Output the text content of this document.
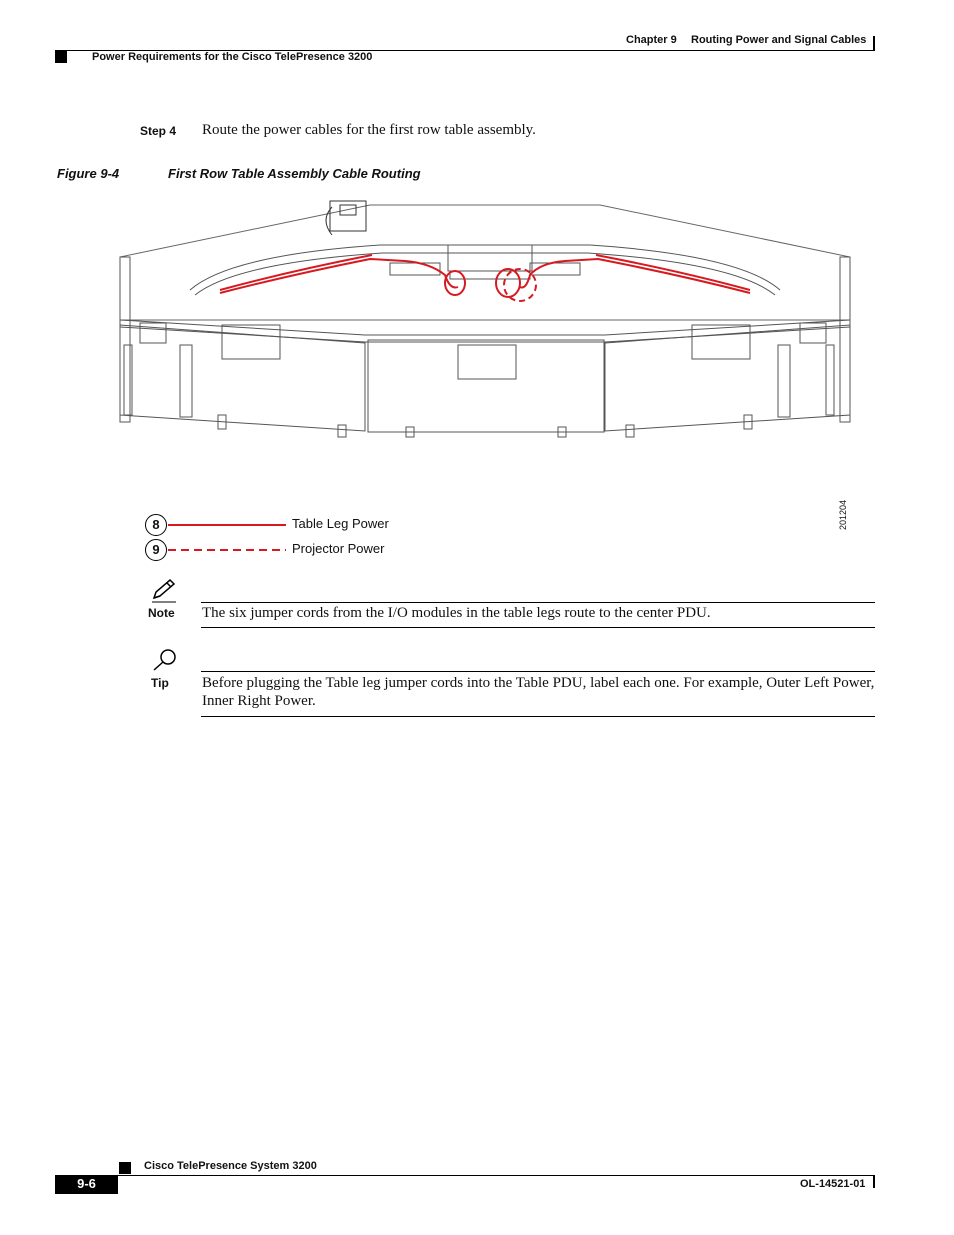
Chapter 9 Routing Power and Signal Cables
Power Requirements for the Cisco TelePresence 3200
Step 4 Route the power cables for the first row table assembly.
Figure 9-4	First Row Table Assembly Cable Routing
8	Table Leg Power
9	Projector Power
201204
Note The six jumper cords from the I/O modules in the table legs route to the center PDU.
Tip Before plugging the Table leg jumper cords into the Table PDU, label each one. For example, Outer Left Power, Inner Right Power.
Cisco TelePresence System 3200
9-6	OL-14521-01
